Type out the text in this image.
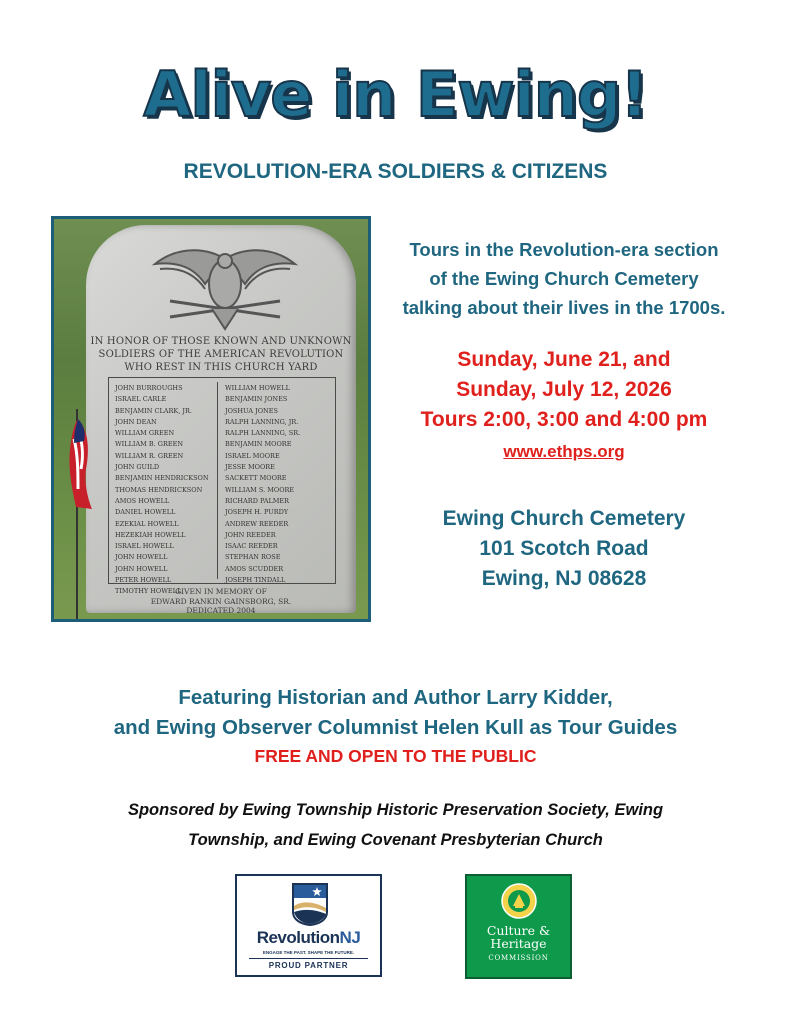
Alive in Ewing!
REVOLUTION-ERA SOLDIERS & CITIZENS
IN HONOR OF THOSE KNOWN AND UNKNOWN
SOLDIERS OF THE AMERICAN REVOLUTION
WHO REST IN THIS CHURCH YARD
JOHN BURROUGHS
ISRAEL CARLE
BENJAMIN CLARK, JR.
JOHN DEAN
WILLIAM GREEN
WILLIAM B. GREEN
WILLIAM R. GREEN
JOHN GUILD
BENJAMIN HENDRICKSON
THOMAS HENDRICKSON
AMOS HOWELL
DANIEL HOWELL
EZEKIAL HOWELL
HEZEKIAH HOWELL
ISRAEL HOWELL
JOHN HOWELL
JOHN HOWELL
PETER HOWELL
TIMOTHY HOWELL
WILLIAM HOWELL
BENJAMIN JONES
JOSHUA JONES
RALPH LANNING, JR.
RALPH LANNING, SR.
BENJAMIN MOORE
ISRAEL MOORE
JESSE MOORE
SACKETT MOORE
WILLIAM S. MOORE
RICHARD PALMER
JOSEPH H. PURDY
ANDREW REEDER
JOHN REEDER
ISAAC REEDER
STEPHAN ROSE
AMOS SCUDDER
JOSEPH TINDALL
GIVEN IN MEMORY OF
EDWARD RANKIN GAINSBORG, SR.
DEDICATED 2004
Tours in the Revolution-era section
of the Ewing Church Cemetery
talking about their lives in the 1700s.
Sunday, June 21, and
Sunday, July 12, 2026
Tours 2:00, 3:00 and 4:00 pm
www.ethps.org
Ewing Church Cemetery
101 Scotch Road
Ewing, NJ 08628
Featuring Historian and Author Larry Kidder,
and Ewing Observer Columnist Helen Kull as Tour Guides
FREE AND OPEN TO THE PUBLIC
Sponsored by Ewing Township Historic Preservation Society, Ewing
Township, and Ewing Covenant Presbyterian Church
RevolutionNJ
ENGAGE THE PAST. SHAPE THE FUTURE.
PROUD PARTNER
Culture &
Heritage
COMMISSION
